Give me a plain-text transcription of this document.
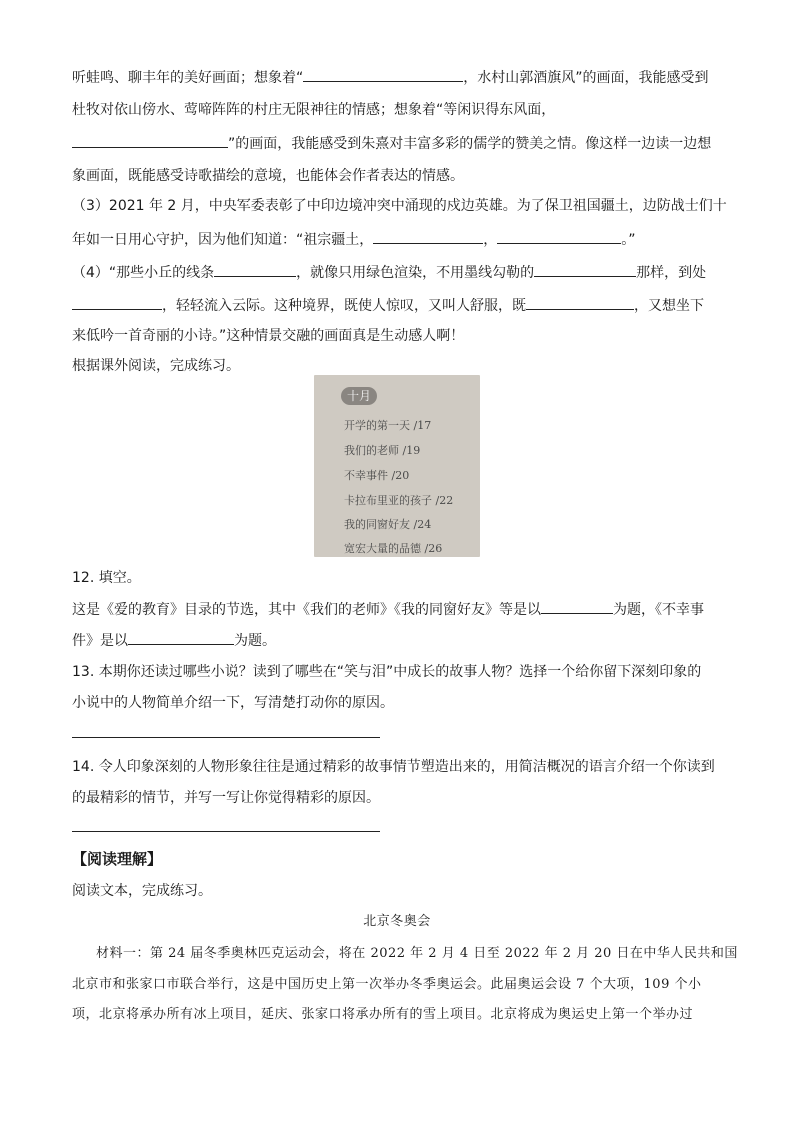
听蛙鸣、聊丰年的美好画面；想象着“	，水村山郭酒旗风”的画面，我能感受到
杜牧对依山傍水、莺啼阵阵的村庄无限神往的情感；想象着“等闲识得东风面，
”的画面，我能感受到朱熹对丰富多彩的儒学的赞美之情。像这样一边读一边想
象画面，既能感受诗歌描绘的意境，也能体会作者表达的情感。
（3）2021 年 2 月，中央军委表彰了中印边境冲突中涌现的戍边英雄。为了保卫祖国疆土，边防战士们十
年如一日用心守护，因为他们知道：“祖宗疆土，	，	。”
（4）“那些小丘的线条	，就像只用绿色渲染，不用墨线勾勒的	那样，到处
，轻轻流入云际。这种境界，既使人惊叹，又叫人舒服，既	，又想坐下
来低吟一首奇丽的小诗。”这种情景交融的画面真是生动感人啊！
根据课外阅读，完成练习。
十月
开学的第一天 /17
我们的老师 /19
不幸事件 /20
卡拉布里亚的孩子 /22
我的同窗好友 /24
宽宏大量的品德 /26
12. 填空。
这是《爱的教育》目录的节选，其中《我们的老师》《我的同窗好友》等是以	为题，《不幸事
件》是以	为题。
13. 本期你还读过哪些小说？读到了哪些在“笑与泪”中成长的故事人物？选择一个给你留下深刻印象的
小说中的人物简单介绍一下，写清楚打动你的原因。
14. 令人印象深刻的人物形象往往是通过精彩的故事情节塑造出来的，用简洁概况的语言介绍一个你读到
的最精彩的情节，并写一写让你觉得精彩的原因。
【阅读理解】
阅读文本，完成练习。
北京冬奥会
材料一：第 24 届冬季奥林匹克运动会，将在 2022 年 2 月 4 日至 2022 年 2 月 20 日在中华人民共和国
北京市和张家口市联合举行，这是中国历史上第一次举办冬季奥运会。此届奥运会设 7 个大项，109 个小
项，北京将承办所有冰上项目，延庆、张家口将承办所有的雪上项目。北京将成为奥运史上第一个举办过
